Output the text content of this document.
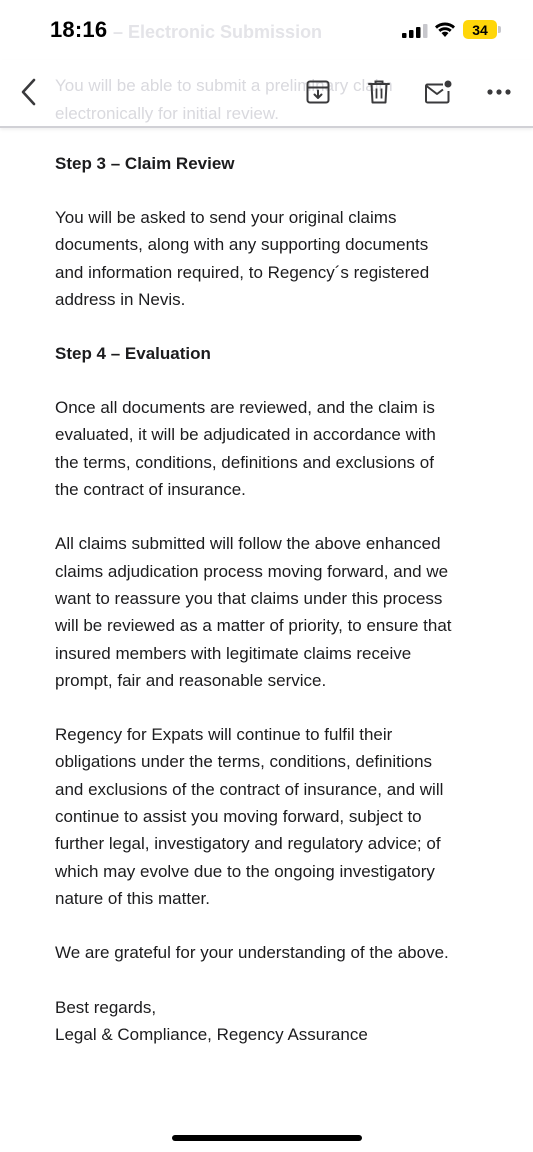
– Electronic Submission
You will be able to submit a preliminary claim
electronically for initial review.
18:16	34
Step 3 – Claim Review
You will be asked to send your original claims
documents, along with any supporting documents
and information required, to Regency´s registered
address in Nevis.
Step 4 – Evaluation
Once all documents are reviewed, and the claim is
evaluated, it will be adjudicated in accordance with
the terms, conditions, definitions and exclusions of
the contract of insurance.
All claims submitted will follow the above enhanced
claims adjudication process moving forward, and we
want to reassure you that claims under this process
will be reviewed as a matter of priority, to ensure that
insured members with legitimate claims receive
prompt, fair and reasonable service.
Regency for Expats will continue to fulfil their
obligations under the terms, conditions, definitions
and exclusions of the contract of insurance, and will
continue to assist you moving forward, subject to
further legal, investigatory and regulatory advice; of
which may evolve due to the ongoing investigatory
nature of this matter.
We are grateful for your understanding of the above.
Best regards,
Legal & Compliance, Regency Assurance
